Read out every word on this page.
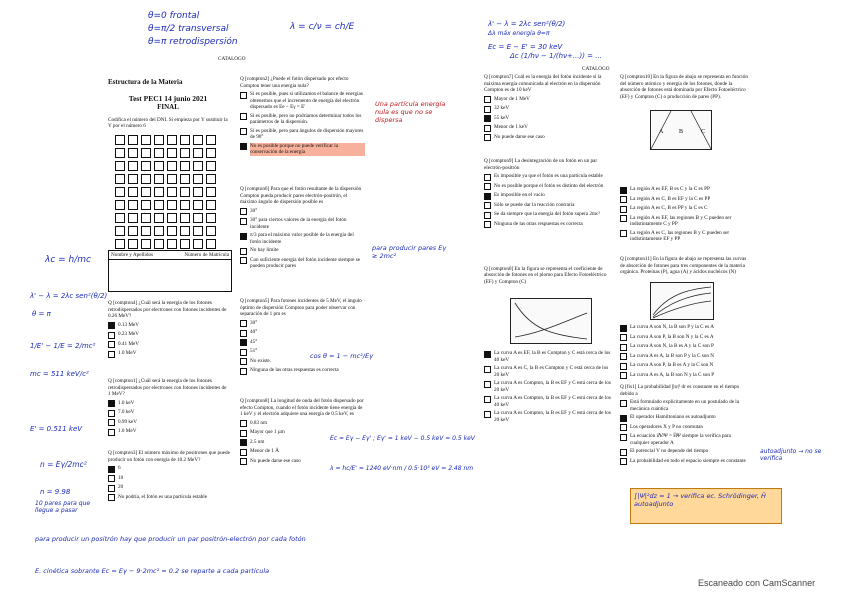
θ=0 frontal
θ=π/2 transversal
θ=π retrodispersión
λ = c/ν = ch/E	λ' − λ = 2λc sen²(θ/2)
Δλ máx energía θ=π
Ec = E − E' = 30 keV
Δc (1/hν − 1/(hν+...)) = ...
CATALOGO
CATALOGO
Estructura de la Materia
Test PEC1 14 junio 2021
FINAL
Codifica el número del DNI. Si empieza por Y sustituir la Y por el número 6
Nombre y Apellidos	Número de Matrícula
λc = h/mc
λ' − λ = 2λc sen²(θ/2)
θ = π
1/E' − 1/E = 2/mc²
mc = 511 keV/c²
E' = 0.511 keV
n = Eγ/2mc²
n = 9.98
10 pares para que llegue a pasar
para producir un positrón hay que producir un par positrón-electrón por cada fotón
E. cinética sobrante Ec = Eγ − 9·2mc² = 0.2 se reparte a cada partícula
Q [compton4] ¿Cuál será la energía de los fotones retrodispersados por electrones con fotones incidentes de 0.26 MeV?
0.13 MeV
0.23 MeV
0.41 MeV
1.0 MeV
Q [compton1] ¿Cuál será la energía de los fotones retrodispersados por electrones con fotones incidentes de 1 MeV?
1.0 keV
7.0 keV
0.99 keV
1.0 MeV
Q [compton3] El número máximo de positrones que puede producir un fotón con energía de 10.2 MeV?
6
10
20
No podría, el fotón es una partícula estable
Q [compton2] ¿Puede el fotón dispersado por efecto Compton tener una energía nula?
Sí es posible, pues si utilizamos el balance de energías obtenemos que el incremento de energía del electrón dispersado es Ee − Eγ = E'
Sí es posible, pero no podríamos determinar todos los parámetros de la dispersión.
Sí es posible, pero para ángulos de dispersión mayores de 90°
No es posible porque no puede verificar la conservación de la energía
Q [compton6] Para que el fotón resultante de la dispersión Compton pueda producir pares electrón-positrón, el máximo ángulo de dispersión posible es
30°
30° para ciertos valores de la energía del fotón incidente
π/3 para el máximo valor posible de la energía del fotón incidente
No hay límite
Con suficiente energía del fotón incidente siempre se pueden producir pares
Q [compton5] Para fotones incidentes de 5 MeV, el ángulo óptimo de dispersión Compton para poder observar con separación de 1 pm es
30°
40°
45°
51°
No existe.
Ninguna de las otras respuestas es correcta
Q [compton8] La longitud de onda del fotón dispersado por efecto Compton, cuando el fotón incidente tiene energía de 1 keV y el electrón adquiere una energía de 0.5 keV, es
0.83 nm
Mayor que 1 µm
2.5 nm
Menor de 1 Å
No puede darse ese caso
Una partícula energía nula es que no se dispersa
para producir pares Eγ ≥ 2mc²
cos θ = 1 − mc²/Eγ
Ec = Eγ − Eγ' ; Eγ' = 1 keV − 0.5 keV = 0.5 keV
λ = hc/E' = 1240 eV·nm / 0.5·10³ eV = 2.48 nm
Q [compton7] Cuál es la energía del fotón incidente si la máxima energía comunicada al electrón en la dispersión Compton es de 10 keV
Mayor de 1 MeV
32 keV
55 keV
Menor de 1 keV
No puede darse ese caso
Q [compton9] La desintegración de un fotón en un par electrón-positrón
Es imposible ya que el fotón es una partícula estable
No es posible porque el fotón es distinto del electrón
Es imposible en el vacío
Sólo se puede dar la reacción contraria
Se da siempre que la energía del fotón supera 2mc²
Ninguna de las otras respuestas es correcta
La curva A es EF, la B es Compton y C está cerca de los 40 keV
La curva A es C, la B es Compton y C está cerca de los 20 keV
La curva A es Compton, la B es EF y C está cerca de los 20 keV
La curva A es Compton, la B es EF y C está cerca de los 40 keV
La curva A es Compton, la B es EF y C está cerca de los 20 keV
Q [compton0] En la figura se representa el coeficiente de absorción de fotones en el plomo para Efecto Fotoeléctrico (EF) y Compton (C)
Q [compton10] En la figura de abajo se representa en función del número atómico y energía de los fotones, donde la absorción de fotones está dominada por Efecto Fotoeléctrico (EF) y Compton (C) o producción de pares (PP).
A	B	C
La región A es EF, B es C y la C es PP
La región A es C, B es EF y la C es PP
La región A es C, B es PP y la C es C
La región A es EF, las regiones B y C pueden ser indistintamente C y PP
La región A es C, las regiones B y C pueden ser indistintamente EF y PP
Q [compton11] En la figura de abajo se representa las curvas de absorción de fotones para tres componentes de la materia orgánica. Proteínas (P), agua (A) y ácidos nucleicos (N)
La curva A son N, la B son P y la C es A
La curva A son P, la B son N y la C es A
La curva A son N, la B es A y la C son P
La curva A es A, la B son P y la C son N
La curva A son P, la B es A y la C son N
La curva A es A, la B son N y la C son P
Q [fis1] La probabilidad ∫|ψ|² dr es constante en el tiempo debido a
Está formulado explícitamente en un postulado de la mecánica cuántica
El operador Hamiltoniano es autoadjunto
Los operadores X y P no conmutan
La ecuación iℏ∂Ψ = ĤΨ siempre la verifica para cualquier operador A
El potencial V no depende del tiempo
La probabilidad en todo el espacio siempre es constante
∫|Ψ|²dz = 1 → verifica ec. Schrödinger, Ĥ autoadjunto
autoadjunto → no se verifica
Escaneado con CamScanner
